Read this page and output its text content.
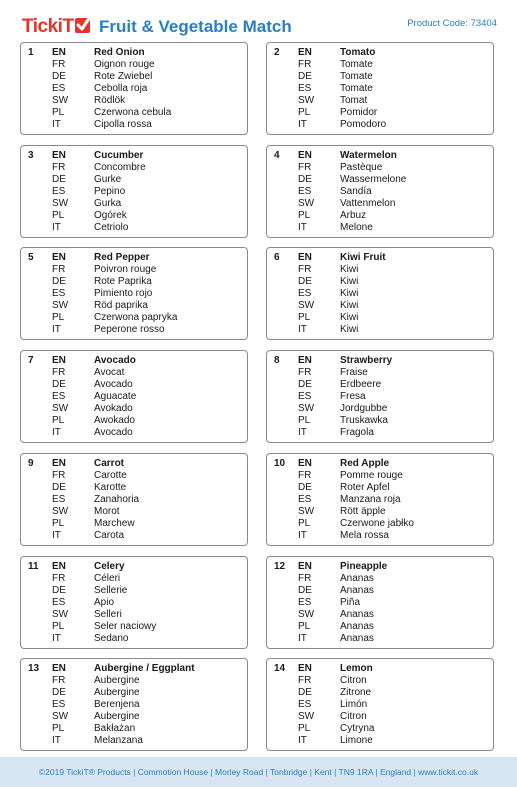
TickiT	Fruit & Vegetable Match	Product Code: 73404
1 EN	Red Onion
FR	Oignon rouge
DE	Rote Zwiebel
ES	Cebolla roja
SW	Rödlök
PL	Czerwona cebula
IT	Cipolla rossa
2 EN	Tomato
FR	Tomate
DE	Tomate
ES	Tomate
SW	Tomat
PL	Pomidor
IT	Pomodoro
3 EN	Cucumber
FR	Concombre
DE	Gurke
ES	Pepino
SW	Gurka
PL	Ogórek
IT	Cetriolo
4 EN	Watermelon
FR	Pastèque
DE	Wassermelone
ES	Sandía
SW	Vattenmelon
PL	Arbuz
IT	Melone
5 EN	Red Pepper
FR	Poivron rouge
DE	Rote Paprika
ES	Pimiento rojo
SW	Röd paprika
PL	Czerwona papryka
IT	Peperone rosso
6 EN	Kiwi Fruit
FR	Kiwi
DE	Kiwi
ES	Kiwi
SW	Kiwi
PL	Kiwi
IT	Kiwi
7 EN	Avocado
FR	Avocat
DE	Avocado
ES	Aguacate
SW	Avokado
PL	Awokado
IT	Avocado
8 EN	Strawberry
FR	Fraise
DE	Erdbeere
ES	Fresa
SW	Jordgubbe
PL	Truskawka
IT	Fragola
9 EN	Carrot
FR	Carotte
DE	Karotte
ES	Zanahoria
SW	Morot
PL	Marchew
IT	Carota
10 EN	Red Apple
FR	Pomme rouge
DE	Roter Apfel
ES	Manzana roja
SW	Rött äpple
PL	Czerwone jabłko
IT	Mela rossa
11 EN	Celery
FR	Céleri
DE	Sellerie
ES	Apio
SW	Selleri
PL	Seler naciowy
IT	Sedano
12 EN	Pineapple
FR	Ananas
DE	Ananas
ES	Piña
SW	Ananas
PL	Ananas
IT	Ananas
13 EN	Aubergine / Eggplant
FR	Aubergine
DE	Aubergine
ES	Berenjena
SW	Aubergine
PL	Bakłażan
IT	Melanzana
14 EN	Lemon
FR	Citron
DE	Zitrone
ES	Limón
SW	Citron
PL	Cytryna
IT	Limone
©2019 TickiT® Products | Commotion House | Morley Road | Tonbridge | Kent | TN9 1RA | England | www.tickit.co.uk
